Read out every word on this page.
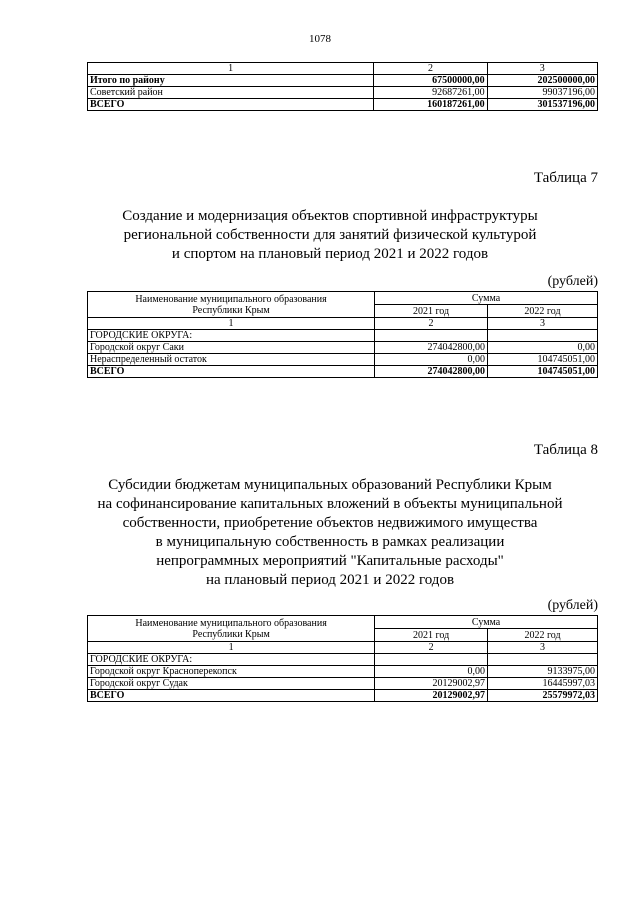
1078
1	2	3
Итого по району	67500000,00	202500000,00
Советский район	92687261,00	99037196,00
ВСЕГО	160187261,00	301537196,00
Таблица 7
Создание и модернизация объектов спортивной инфраструктуры
региональной собственности для занятий физической культурой
и спортом на плановый период 2021 и 2022 годов
(рублей)
Наименование муниципального образования
Республики Крым	Сумма	
	2021 год	2022 год
1	2	3
ГОРОДСКИЕ ОКРУГА:		
Городской округ Саки	274042800,00	0,00
Нераспределенный остаток	0,00	104745051,00
ВСЕГО	274042800,00	104745051,00
Таблица 8
Субсидии бюджетам муниципальных образований Республики Крым
на софинансирование капитальных вложений в объекты муниципальной
собственности, приобретение объектов недвижимого имущества
в муниципальную собственность в рамках реализации
непрограммных мероприятий "Капитальные расходы"
на плановый период 2021 и 2022 годов
(рублей)
Наименование муниципального образования
Республики Крым	Сумма	
	2021 год	2022 год
1	2	3
ГОРОДСКИЕ ОКРУГА:		
Городской округ Красноперекопск	0,00	9133975,00
Городской округ Судак	20129002,97	16445997,03
ВСЕГО	20129002,97	25579972,03
